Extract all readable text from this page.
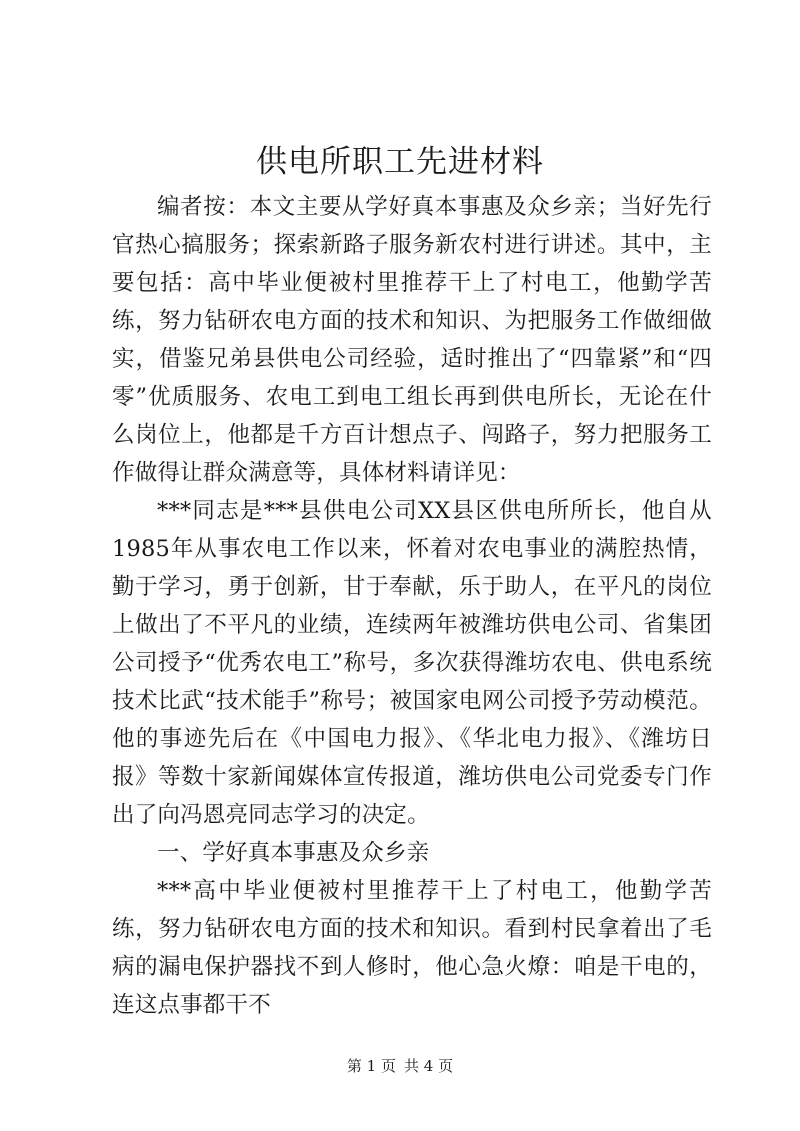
供电所职工先进材料

编者按：本文主要从学好真本事惠及众乡亲；当好先行官热心搞服务；探索新路子服务新农村进行讲述。其中，主要包括：高中毕业便被村里推荐干上了村电工，他勤学苦练，努力钻研农电方面的技术和知识、为把服务工作做细做实，借鉴兄弟县供电公司经验，适时推出了“四靠紧”和“四零”优质服务、农电工到电工组长再到供电所长，无论在什么岗位上，他都是千方百计想点子、闯路子，努力把服务工作做得让群众满意等，具体材料请详见：

***同志是***县供电公司XX县区供电所所长，他自从1985年从事农电工作以来，怀着对农电事业的满腔热情，勤于学习，勇于创新，甘于奉献，乐于助人，在平凡的岗位上做出了不平凡的业绩，连续两年被潍坊供电公司、省集团公司授予“优秀农电工”称号，多次获得潍坊农电、供电系统技术比武“技术能手”称号；被国家电网公司授予劳动模范。他的事迹先后在《中国电力报》、《华北电力报》、《潍坊日报》等数十家新闻媒体宣传报道，潍坊供电公司党委专门作出了向冯恩亮同志学习的决定。

一、学好真本事惠及众乡亲

***高中毕业便被村里推荐干上了村电工，他勤学苦练，努力钻研农电方面的技术和知识。看到村民拿着出了毛病的漏电保护器找不到人修时，他心急火燎：咱是干电的，连这点事都干不

第 1 页 共 4 页
